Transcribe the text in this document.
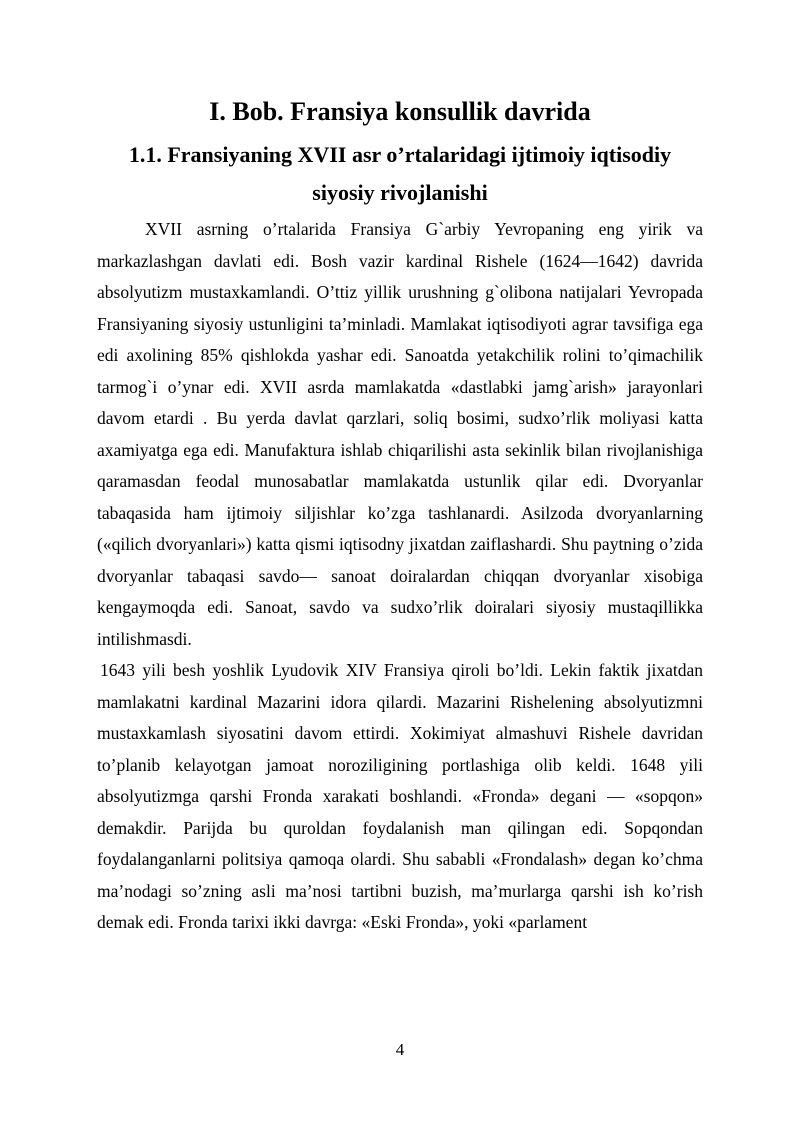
I. Bob. Fransiya konsullik davrida
1.1. Fransiyaning XVII asr o’rtalaridagi ijtimoiy iqtisodiy siyosiy rivojlanishi

XVII asrning o’rtalarida Fransiya G`arbiy Yevropaning eng yirik va markazlashgan davlati edi. Bosh vazir kardinal Rishele (1624—1642) davrida absolyutizm mustaxkamlandi. O’ttiz yillik urushning g`olibona natijalari Yevropada Fransiyaning siyosiy ustunligini ta’minladi. Mamlakat iqtisodiyoti agrar tavsifiga ega edi axolining 85% qishlokda yashar edi. Sanoatda yetakchilik rolini to’qimachilik tarmog`i o’ynar edi. XVII asrda mamlakatda «dastlabki jamg`arish» jarayonlari davom etardi . Bu yerda davlat qarzlari, soliq bosimi, sudxo’rlik moliyasi katta axamiyatga ega edi. Manufaktura ishlab chiqarilishi asta sekinlik bilan rivojlanishiga qaramasdan feodal munosabatlar mamlakatda ustunlik qilar edi. Dvoryanlar tabaqasida ham ijtimoiy siljishlar ko’zga tashlanardi. Asilzoda dvoryanlarning («qilich dvoryanlari») katta qismi iqtisodny jixatdan zaiflashardi. Shu paytning o’zida dvoryanlar tabaqasi savdo— sanoat doiralardan chiqqan dvoryanlar xisobiga kengaymoqda edi. Sanoat, savdo va sudxo’rlik doiralari siyosiy mustaqillikka intilishmasdi.

1643 yili besh yoshlik Lyudovik XIV Fransiya qiroli bo’ldi. Lekin faktik jixatdan mamlakatni kardinal Mazarini idora qilardi. Mazarini Rishelening absolyutizmni mustaxkamlash siyosatini davom ettirdi. Xokimiyat almashuvi Rishele davridan to’planib kelayotgan jamoat noroziligining portlashiga olib keldi. 1648 yili absolyutizmga qarshi Fronda xarakati boshlandi. «Fronda» degani — «sopqon» demakdir. Parijda bu quroldan foydalanish man qilingan edi. Sopqondan foydalanganlarni politsiya qamoqa olardi. Shu sababli «Frondalash» degan ko’chma ma’nodagi so’zning asli ma’nosi tartibni buzish, ma’murlarga qarshi ish ko’rish demak edi. Fronda tarixi ikki davrga: «Eski Fronda», yoki «parlament

4
